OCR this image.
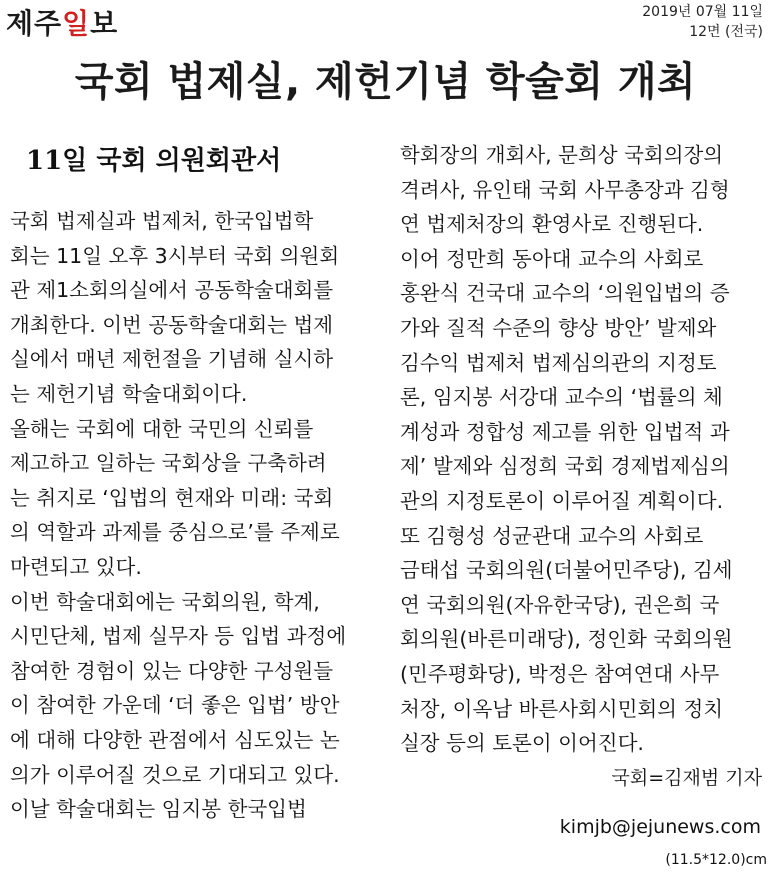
제주일보	2019년 07월 11일
12면 (전국)
국회 법제실, 제헌기념 학술회 개최
11일 국회 의원회관서
국회 법제실과 법제처, 한국입법학
회는 11일 오후 3시부터 국회 의원회
관 제1소회의실에서 공동학술대회를
개최한다. 이번 공동학술대회는 법제
실에서 매년 제헌절을 기념해 실시하
는 제헌기념 학술대회이다.
올해는 국회에 대한 국민의 신뢰를
제고하고 일하는 국회상을 구축하려
는 취지로 ‘입법의 현재와 미래: 국회
의 역할과 과제를 중심으로’를 주제로
마련되고 있다.
이번 학술대회에는 국회의원, 학계,
시민단체, 법제 실무자 등 입법 과정에
참여한 경험이 있는 다양한 구성원들
이 참여한 가운데 ‘더 좋은 입법’ 방안
에 대해 다양한 관점에서 심도있는 논
의가 이루어질 것으로 기대되고 있다.
이날 학술대회는 임지봉 한국입법
학회장의 개회사, 문희상 국회의장의
격려사, 유인태 국회 사무총장과 김형
연 법제처장의 환영사로 진행된다.
이어 정만희 동아대 교수의 사회로
홍완식 건국대 교수의 ‘의원입법의 증
가와 질적 수준의 향상 방안’ 발제와
김수익 법제처 법제심의관의 지정토
론, 임지봉 서강대 교수의 ‘법률의 체
계성과 정합성 제고를 위한 입법적 과
제’ 발제와 심정희 국회 경제법제심의
관의 지정토론이 이루어질 계획이다.
또 김형성 성균관대 교수의 사회로
금태섭 국회의원(더불어민주당), 김세
연 국회의원(자유한국당), 권은희 국
회의원(바른미래당), 정인화 국회의원
(민주평화당), 박정은 참여연대 사무
처장, 이옥남 바른사회시민회의 정치
실장 등의 토론이 이어진다.
국회=김재범 기자
kimjb@jejunews.com
(11.5*12.0)cm
